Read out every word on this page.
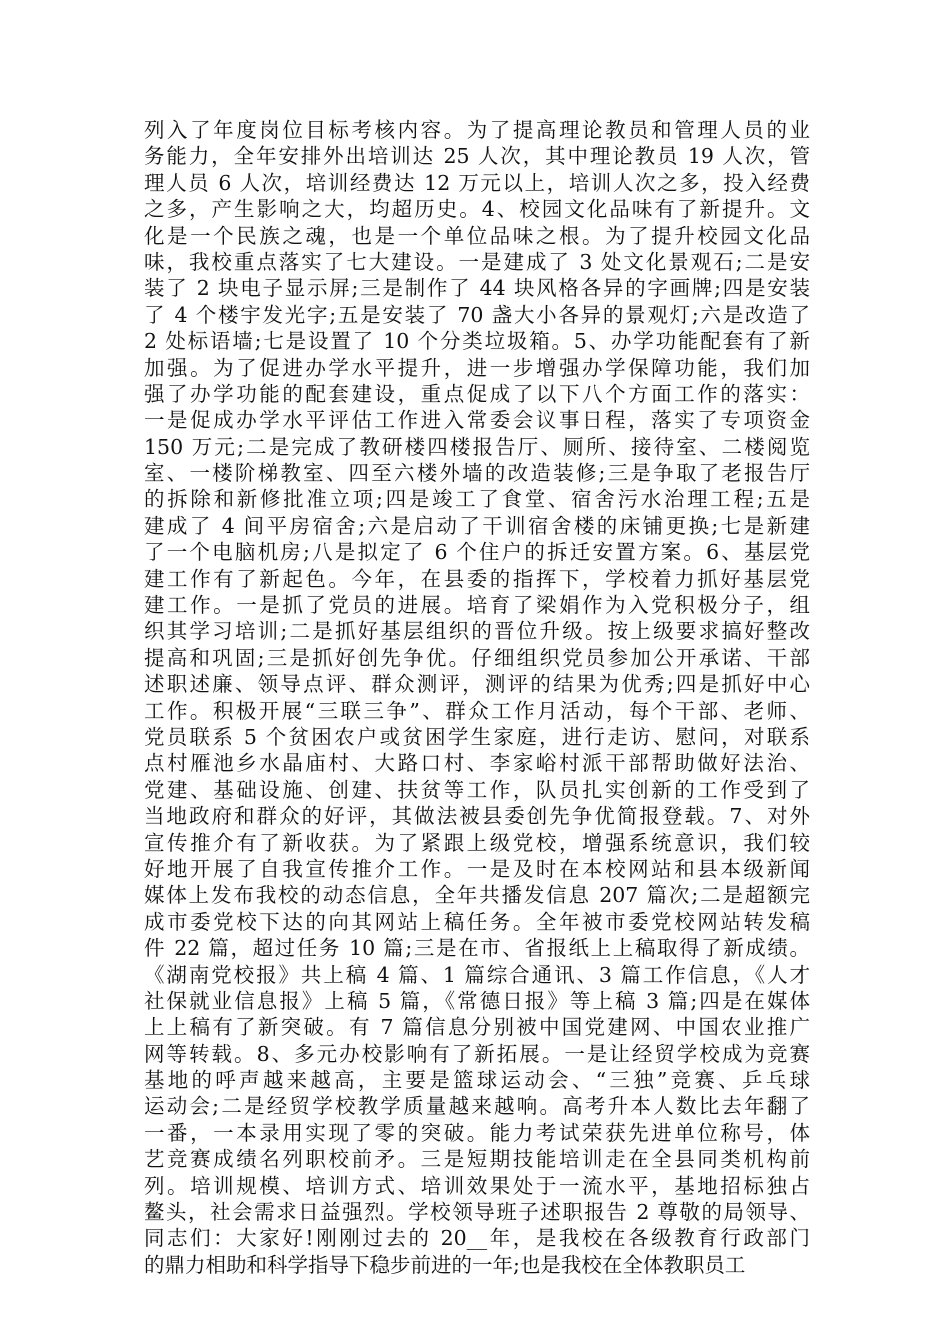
列入了年度岗位目标考核内容。为了提高理论教员和管理人员的业
务能力，全年安排外出培训达 25 人次，其中理论教员 19 人次，管
理人员 6 人次，培训经费达 12 万元以上，培训人次之多，投入经费
之多，产生影响之大，均超历史。4、校园文化品味有了新提升。文
化是一个民族之魂，也是一个单位品味之根。为了提升校园文化品
味，我校重点落实了七大建设。一是建成了 3 处文化景观石;二是安
装了 2 块电子显示屏;三是制作了 44 块风格各异的字画牌;四是安装
了 4 个楼宇发光字;五是安装了 70 盏大小各异的景观灯;六是改造了
2 处标语墙;七是设置了 10 个分类垃圾箱。5、办学功能配套有了新
加强。为了促进办学水平提升，进一步增强办学保障功能，我们加
强了办学功能的配套建设，重点促成了以下八个方面工作的落实：
一是促成办学水平评估工作进入常委会议事日程，落实了专项资金
150 万元;二是完成了教研楼四楼报告厅、厕所、接待室、二楼阅览
室、一楼阶梯教室、四至六楼外墙的改造装修;三是争取了老报告厅
的拆除和新修批准立项;四是竣工了食堂、宿舍污水治理工程;五是
建成了 4 间平房宿舍;六是启动了干训宿舍楼的床铺更换;七是新建
了一个电脑机房;八是拟定了 6 个住户的拆迁安置方案。6、基层党
建工作有了新起色。今年，在县委的指挥下，学校着力抓好基层党
建工作。一是抓了党员的进展。培育了梁娟作为入党积极分子，组
织其学习培训;二是抓好基层组织的晋位升级。按上级要求搞好整改
提高和巩固;三是抓好创先争优。仔细组织党员参加公开承诺、干部
述职述廉、领导点评、群众测评，测评的结果为优秀;四是抓好中心
工作。积极开展“三联三争”、群众工作月活动，每个干部、老师、
党员联系 5 个贫困农户或贫困学生家庭，进行走访、慰问，对联系
点村雁池乡水晶庙村、大路口村、李家峪村派干部帮助做好法治、
党建、基础设施、创建、扶贫等工作，队员扎实创新的工作受到了
当地政府和群众的好评，其做法被县委创先争优简报登载。7、对外
宣传推介有了新收获。为了紧跟上级党校，增强系统意识，我们较
好地开展了自我宣传推介工作。一是及时在本校网站和县本级新闻
媒体上发布我校的动态信息，全年共播发信息 207 篇次;二是超额完
成市委党校下达的向其网站上稿任务。全年被市委党校网站转发稿
件 22 篇，超过任务 10 篇;三是在市、省报纸上上稿取得了新成绩。
《湖南党校报》共上稿 4 篇、1 篇综合通讯、3 篇工作信息，《人才
社保就业信息报》上稿 5 篇，《常德日报》等上稿 3 篇;四是在媒体
上上稿有了新突破。有 7 篇信息分别被中国党建网、中国农业推广
网等转载。8、多元办校影响有了新拓展。一是让经贸学校成为竞赛
基地的呼声越来越高，主要是篮球运动会、“三独”竞赛、乒乓球
运动会;二是经贸学校教学质量越来越响。高考升本人数比去年翻了
一番，一本录用实现了零的突破。能力考试荣获先进单位称号，体
艺竞赛成绩名列职校前矛。三是短期技能培训走在全县同类机构前
列。培训规模、培训方式、培训效果处于一流水平，基地招标独占
鳌头，社会需求日益强烈。学校领导班子述职报告 2 尊敬的局领导、
同志们：大家好!刚刚过去的 20__年，是我校在各级教育行政部门
的鼎力相助和科学指导下稳步前进的一年;也是我校在全体教职员工
